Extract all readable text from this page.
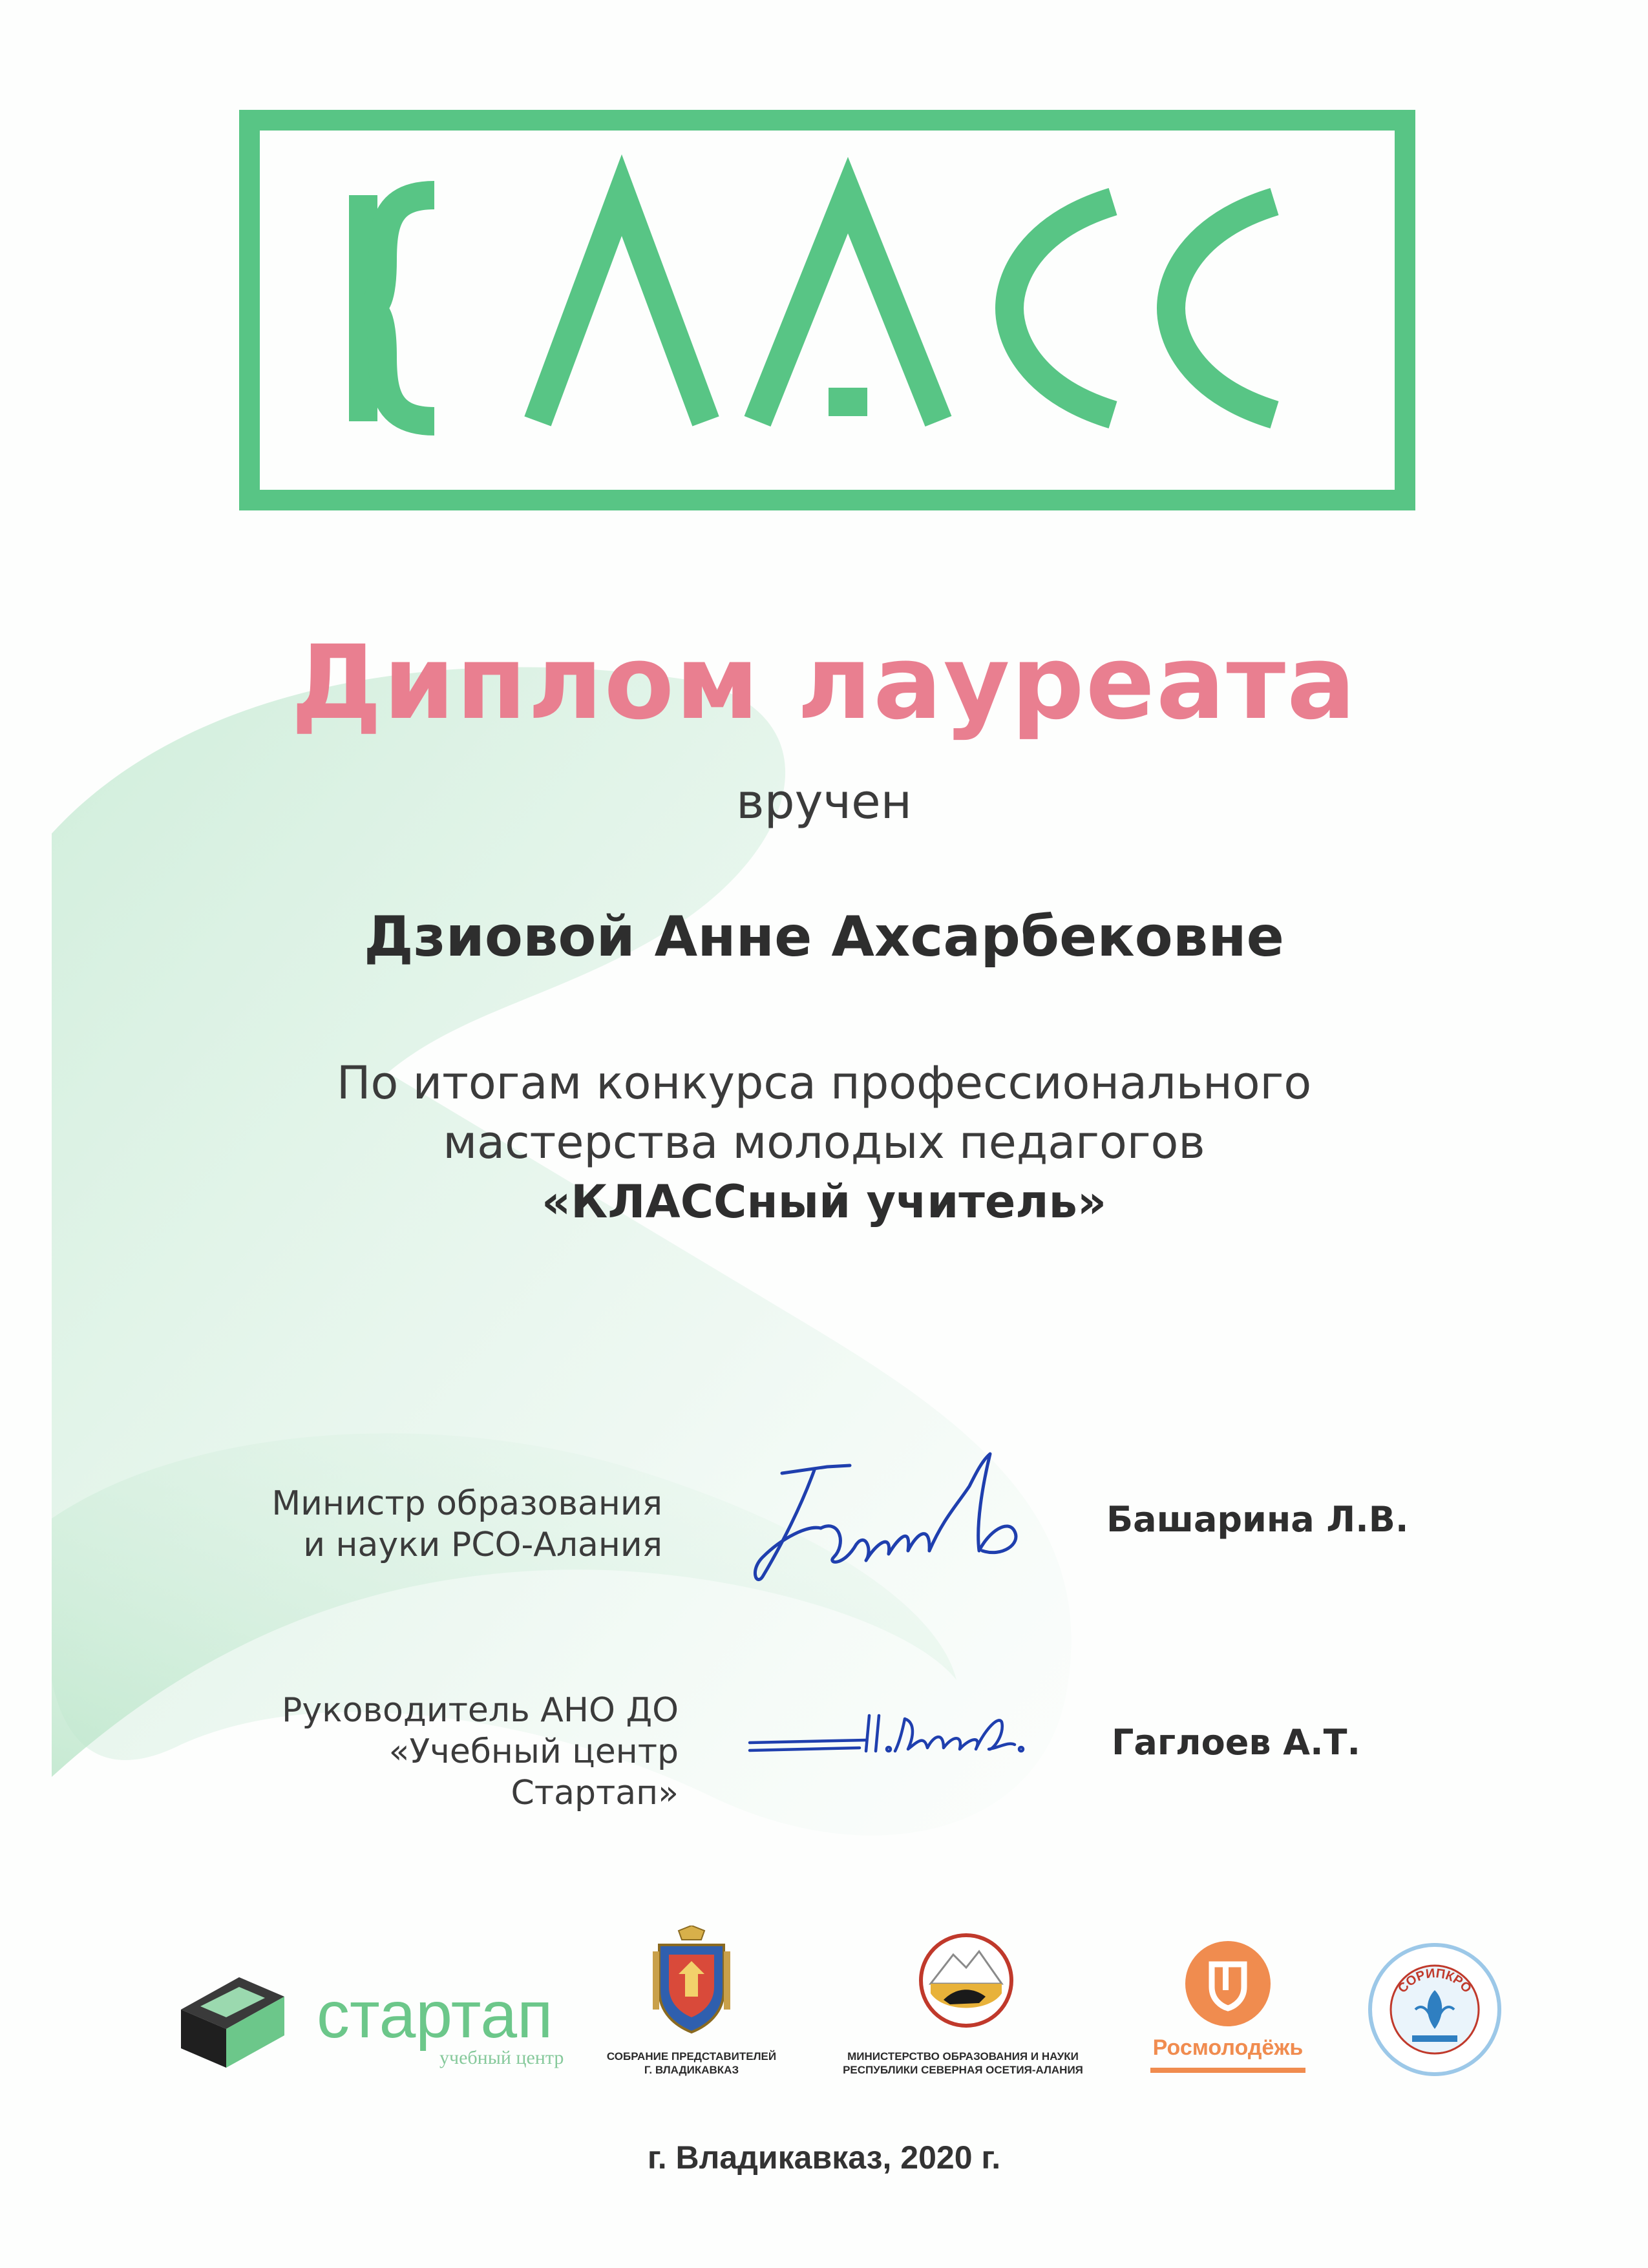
Диплом лауреата
вручен
Дзиовой Анне Ахсарбековне
По итогам конкурса профессионального
мастерства молодых педагогов
«КЛАССный учитель»
Министр образования
и науки РСО-Алания
Башарина Л.В.
Руководитель АНО ДО
«Учебный центр Стартап»
Гаглоев А.Т.
стартап
учебный центр	СОБРАНИЕ ПРЕДСТАВИТЕЛЕЙ
Г. ВЛАДИКАВКАЗ
МИНИСТЕРСТВО ОБРАЗОВАНИЯ И НАУКИ
РЕСПУБЛИКИ СЕВЕРНАЯ ОСЕТИЯ-АЛАНИЯ
Росмолодёжь
СОРИПКРО
г. Владикавказ, 2020 г.
